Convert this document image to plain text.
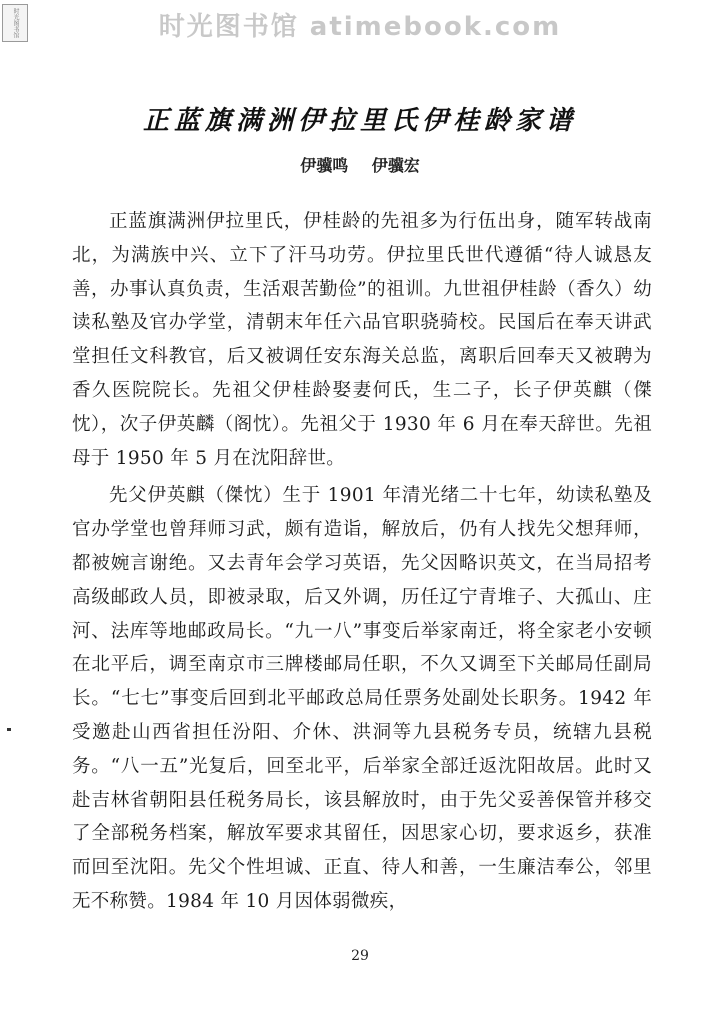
时光图书馆	时光图书馆 atimebook.com
正蓝旗满洲伊拉里氏伊桂龄家谱
伊骥鸣 伊骥宏

正蓝旗满洲伊拉里氏，伊桂龄的先祖多为行伍出身，随军转战南北，为满族中兴、立下了汗马功劳。伊拉里氏世代遵循“待人诚恳友善，办事认真负责，生活艰苦勤俭”的祖训。九世祖伊桂龄（香久）幼读私塾及官办学堂，清朝末年任六品官职骁骑校。民国后在奉天讲武堂担任文科教官，后又被调任安东海关总监，离职后回奉天又被聘为香久医院院长。先祖父伊桂龄娶妻何氏，生二子，长子伊英麒（傑忱），次子伊英麟（阁忱）。先祖父于 1930 年 6 月在奉天辞世。先祖母于 1950 年 5 月在沈阳辞世。

先父伊英麒（傑忱）生于 1901 年清光绪二十七年，幼读私塾及官办学堂也曾拜师习武，颇有造诣，解放后，仍有人找先父想拜师，都被婉言谢绝。又去青年会学习英语，先父因略识英文，在当局招考高级邮政人员，即被录取，后又外调，历任辽宁青堆子、大孤山、庄河、法库等地邮政局长。“九一八”事变后举家南迁，将全家老小安顿在北平后，调至南京市三牌楼邮局任职，不久又调至下关邮局任副局长。“七七”事变后回到北平邮政总局任票务处副处长职务。1942 年受邀赴山西省担任汾阳、介休、洪洞等九县税务专员，统辖九县税务。“八一五”光复后，回至北平，后举家全部迁返沈阳故居。此时又赴吉林省朝阳县任税务局长，该县解放时，由于先父妥善保管并移交了全部税务档案，解放军要求其留任，因思家心切，要求返乡，获准而回至沈阳。先父个性坦诚、正直、待人和善，一生廉洁奉公，邻里无不称赞。1984 年 10 月因体弱微疾，

29
